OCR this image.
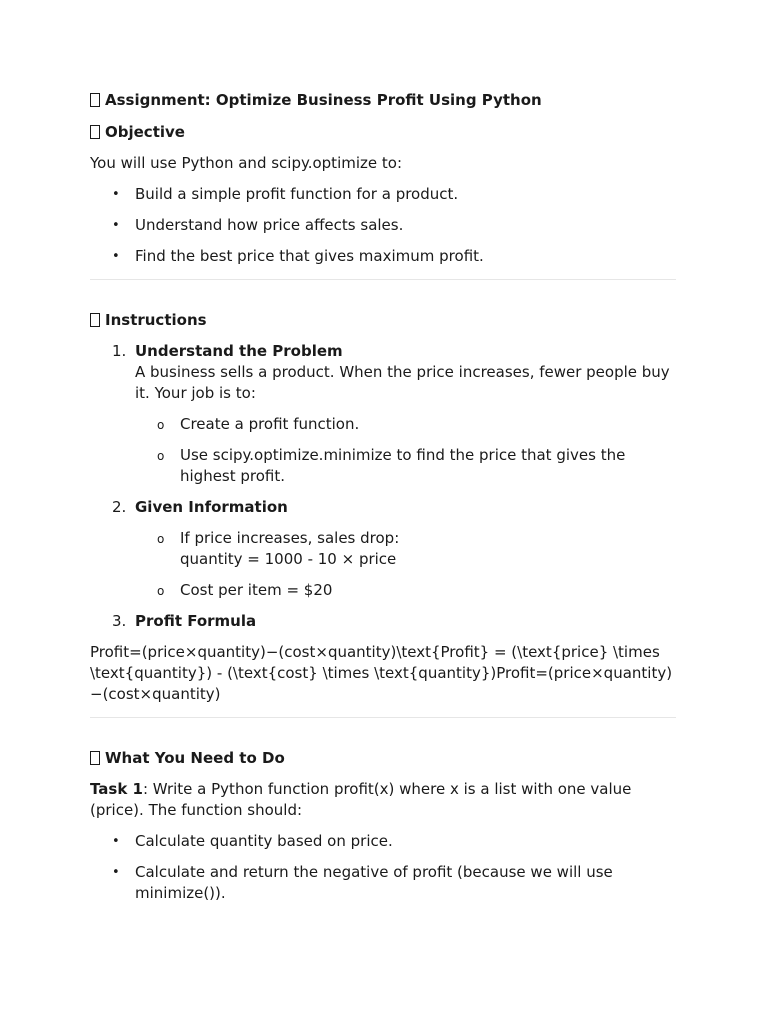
Assignment: Optimize Business Profit Using Python
Objective

You will use Python and scipy.optimize to:

• Build a simple profit function for a product.
• Understand how price affects sales.
• Find the best price that gives maximum profit.
Instructions
1. Understand the Problem
A business sells a product. When the price increases, fewer people buy it. Your job is to:
o Create a profit function.
o Use scipy.optimize.minimize to find the price that gives the highest profit.
2. Given Information
o If price increases, sales drop:
quantity = 1000 - 10 × price
o Cost per item = $20
3. Profit Formula
Profit=(price×quantity)−(cost×quantity)\text{Profit} = (\text{price} \times \text{quantity}) - (\text{cost} \times \text{quantity})Profit=(price×quantity)−(cost×quantity)
What You Need to Do

Task 1: Write a Python function profit(x) where x is a list with one value (price). The function should:

• Calculate quantity based on price.
• Calculate and return the negative of profit (because we will use minimize()).
